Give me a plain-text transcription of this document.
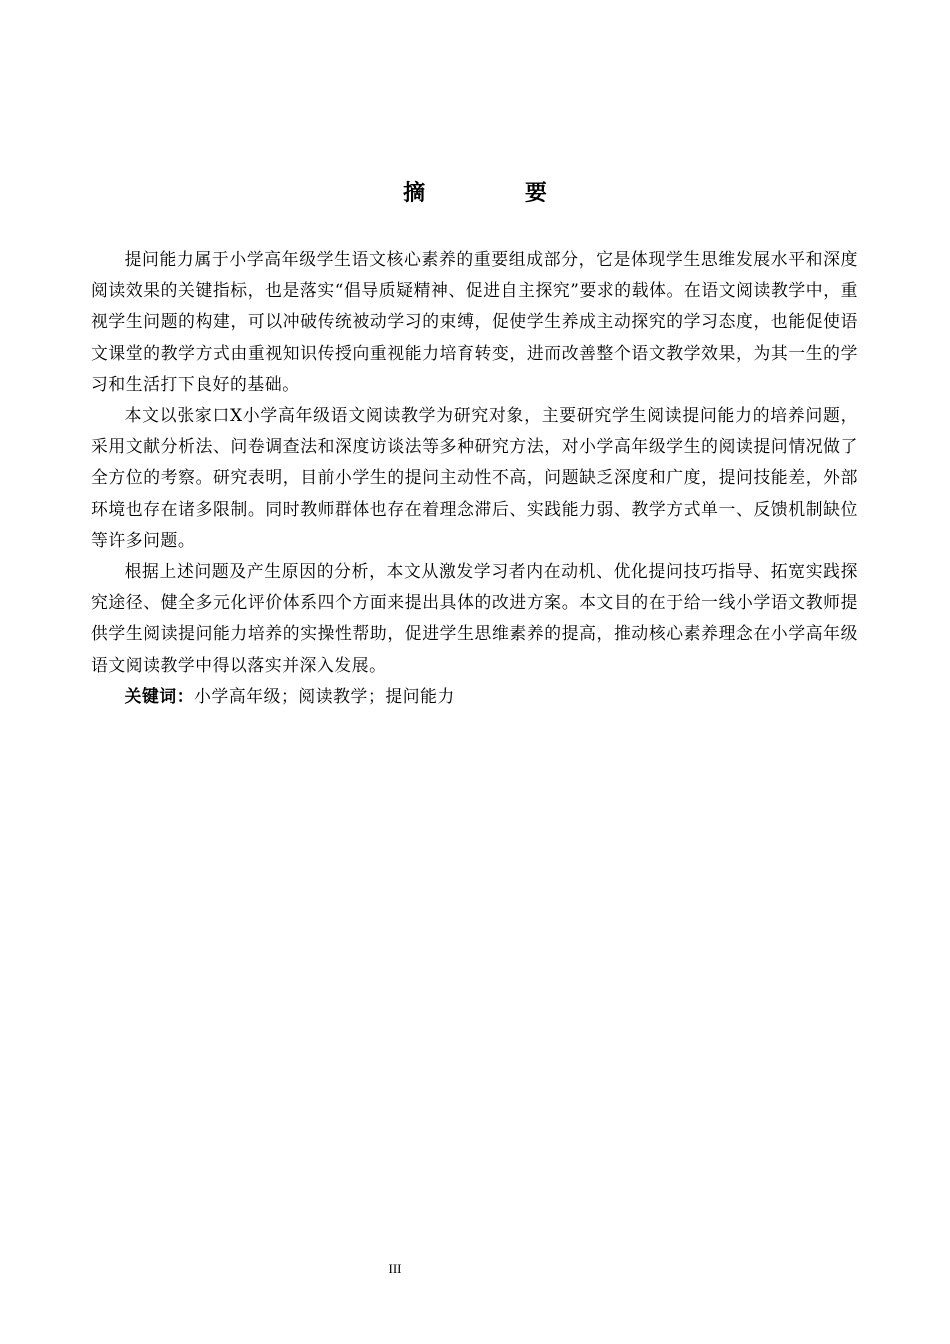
摘 要

提问能力属于小学高年级学生语文核心素养的重要组成部分，它是体现学生思维发展水平和深度阅读效果的关键指标，也是落实“倡导质疑精神、促进自主探究”要求的载体。在语文阅读教学中，重视学生问题的构建，可以冲破传统被动学习的束缚，促使学生养成主动探究的学习态度，也能促使语文课堂的教学方式由重视知识传授向重视能力培育转变，进而改善整个语文教学效果，为其一生的学习和生活打下良好的基础。

本文以张家口X小学高年级语文阅读教学为研究对象，主要研究学生阅读提问能力的培养问题，采用文献分析法、问卷调查法和深度访谈法等多种研究方法，对小学高年级学生的阅读提问情况做了全方位的考察。研究表明，目前小学生的提问主动性不高，问题缺乏深度和广度，提问技能差，外部环境也存在诸多限制。同时教师群体也存在着理念滞后、实践能力弱、教学方式单一、反馈机制缺位等许多问题。

根据上述问题及产生原因的分析，本文从激发学习者内在动机、优化提问技巧指导、拓宽实践探究途径、健全多元化评价体系四个方面来提出具体的改进方案。本文目的在于给一线小学语文教师提供学生阅读提问能力培养的实操性帮助，促进学生思维素养的提高，推动核心素养理念在小学高年级语文阅读教学中得以落实并深入发展。

关键词：小学高年级；阅读教学；提问能力

III
